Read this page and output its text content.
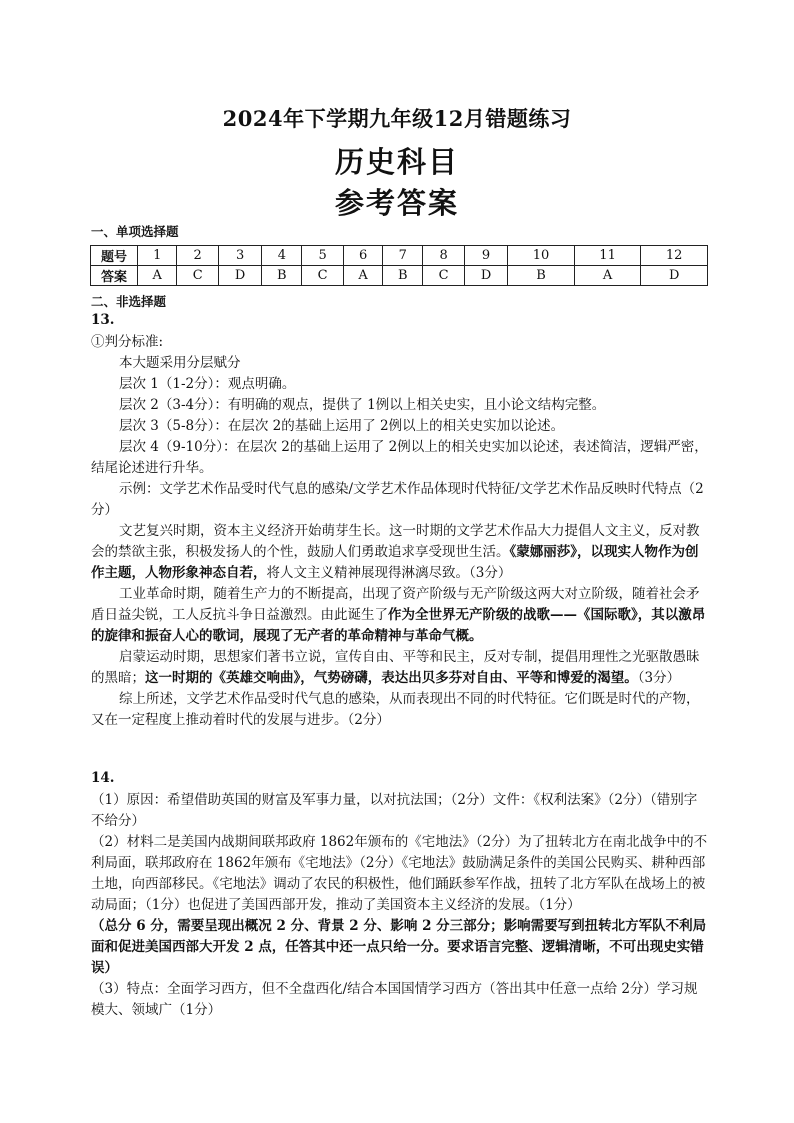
2024年下学期九年级12月错题练习
历史科目
参考答案
一、单项选择题
题号	1	2	3	4	5	6	7	8	9	10	11	12
答案	A	C	D	B	C	A	B	C	D	B	A	D
二、非选择题
13.

①判分标准:

本大题采用分层赋分

层次 1（1-2分）：观点明确。

层次 2（3-4分）：有明确的观点，提供了 1例以上相关史实，且小论文结构完整。

层次 3（5-8分）：在层次 2的基础上运用了 2例以上的相关史实加以论述。

层次 4（9-10分）：在层次 2的基础上运用了 2例以上的相关史实加以论述，表述简洁，逻辑严密，结尾论述进行升华。

示例：文学艺术作品受时代气息的感染/文学艺术作品体现时代特征/文学艺术作品反映时代特点（2分）

文艺复兴时期，资本主义经济开始萌芽生长。这一时期的文学艺术作品大力提倡人文主义，反对教会的禁欲主张，积极发扬人的个性，鼓励人们勇敢追求享受现世生活。《蒙娜丽莎》，以现实人物作为创作主题，人物形象神态自若，将人文主义精神展现得淋漓尽致。（3分）

工业革命时期，随着生产力的不断提高，出现了资产阶级与无产阶级这两大对立阶级，随着社会矛盾日益尖锐，工人反抗斗争日益激烈。由此诞生了作为全世界无产阶级的战歌——《国际歌》，其以激昂的旋律和振奋人心的歌词，展现了无产者的革命精神与革命气概。

启蒙运动时期，思想家们著书立说，宣传自由、平等和民主，反对专制，提倡用理性之光驱散愚昧的黑暗；这一时期的《英雄交响曲》，气势磅礴，表达出贝多芬对自由、平等和博爱的渴望。（3分）

综上所述，文学艺术作品受时代气息的感染，从而表现出不同的时代特征。它们既是时代的产物，又在一定程度上推动着时代的发展与进步。（2分）

14.

（1）原因：希望借助英国的财富及军事力量，以对抗法国；（2分）文件：《权利法案》（2分）（错别字不给分）

（2）材料二是美国内战期间联邦政府 1862年颁布的《宅地法》（2分）为了扭转北方在南北战争中的不利局面，联邦政府在 1862年颁布《宅地法》（2分）《宅地法》鼓励满足条件的美国公民购买、耕种西部土地，向西部移民。《宅地法》调动了农民的积极性，他们踊跃参军作战，扭转了北方军队在战场上的被动局面；（1分）也促进了美国西部开发，推动了美国资本主义经济的发展。（1分）

（总分 6 分，需要呈现出概况 2 分、背景 2 分、影响 2 分三部分；影响需要写到扭转北方军队不利局面和促进美国西部大开发 2 点，任答其中还一点只给一分。要求语言完整、逻辑清晰，不可出现史实错误）

（3）特点：全面学习西方，但不全盘西化/结合本国国情学习西方（答出其中任意一点给 2分）学习规模大、领域广（1分）
